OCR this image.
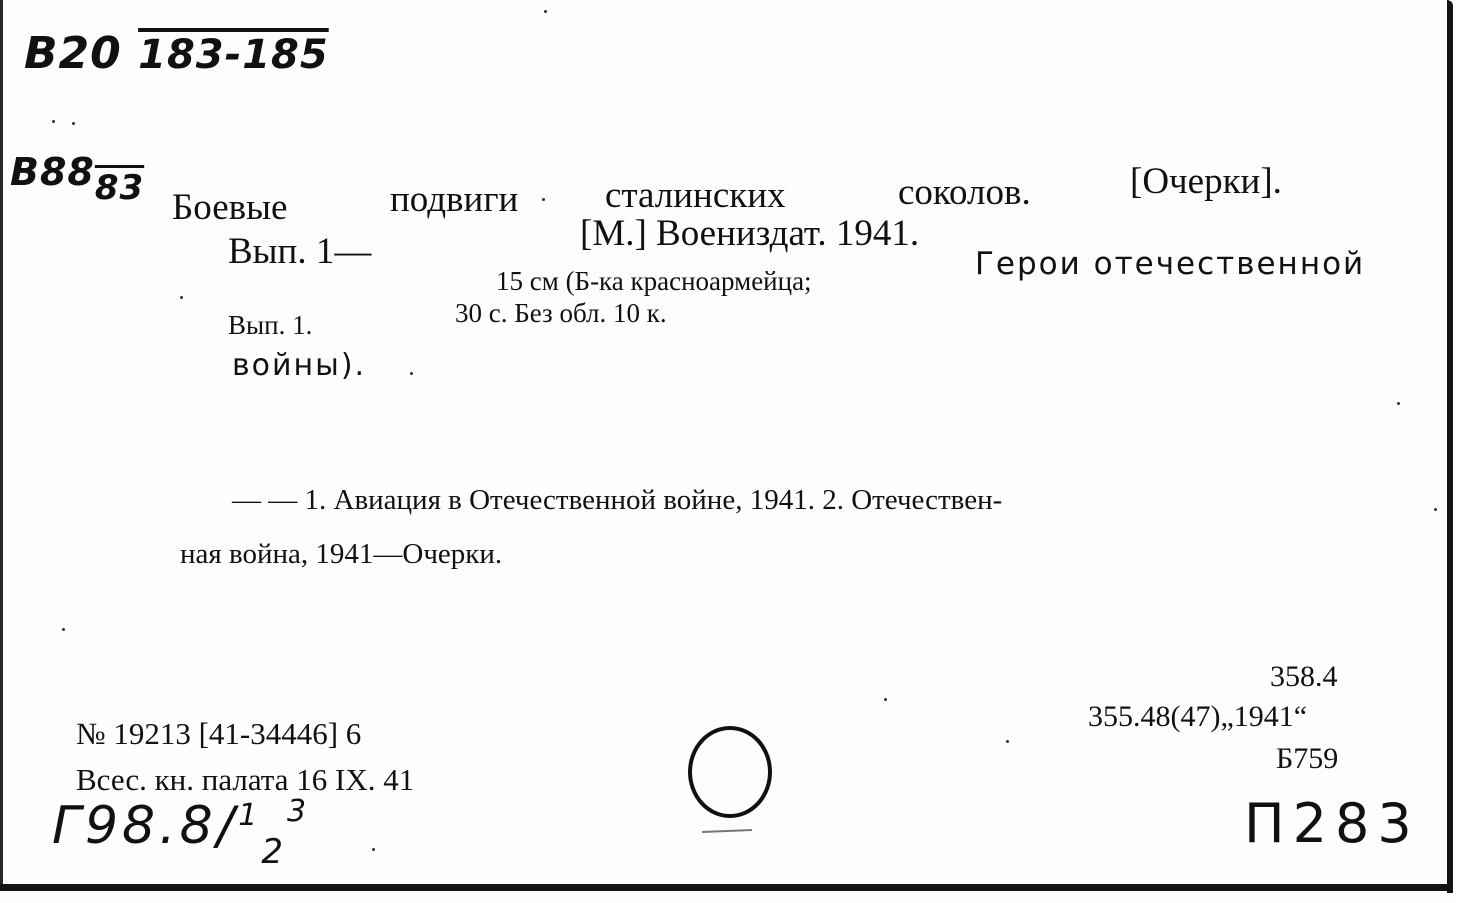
В20 183-185
В8883 Боевые	подвиги сталинских	соколов.	[Очерки].
Вып. 1—	[М.] Воениздат. 1941.
15 см (Б-ка красноармейца;	Герои отечественной
Вып. 1.	30 с. Без обл. 10 к.
войны).
— — 1. Авиация в Отечественной войне, 1941. 2. Отечествен-
ная война, 1941—Очерки.
358.4
355.48(47)„1941“
Б759
№ 19213 [41-34446] 6
Всес. кн. палата 16 IX. 41
Г98.8/$^1_2^3$	П283
